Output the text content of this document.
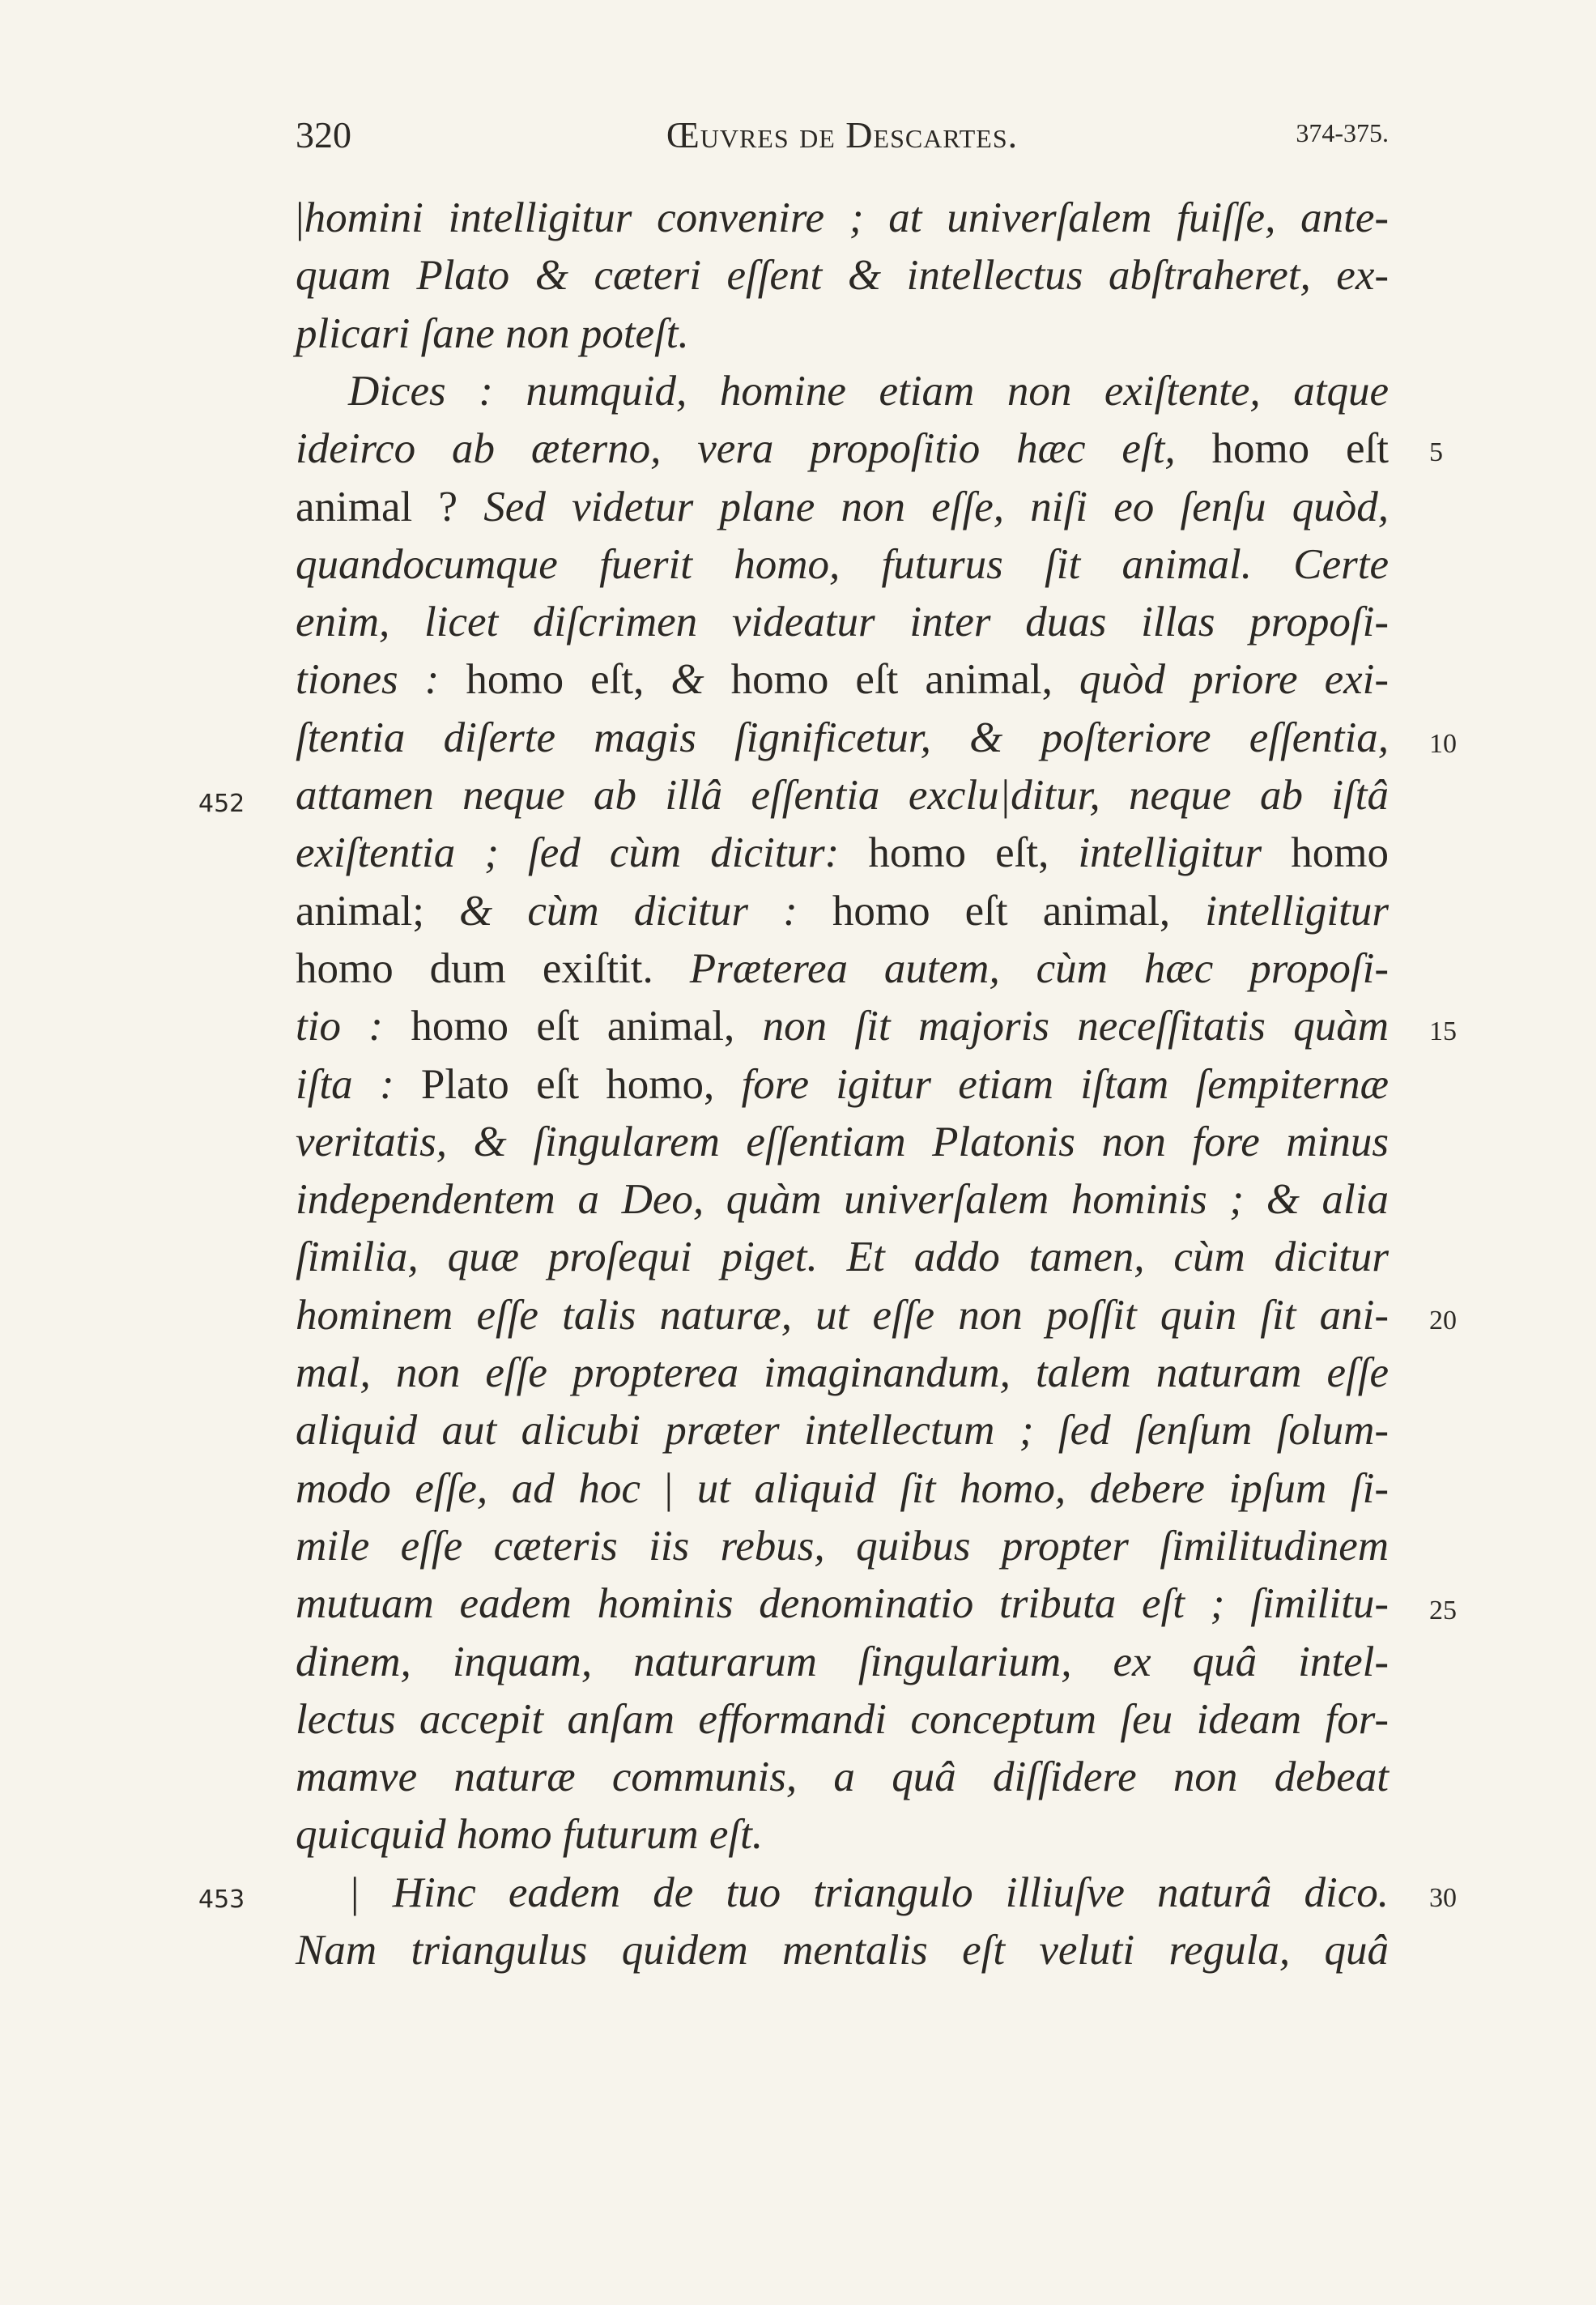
320	Œuvres de Descartes.	374-375.
|homini intelligitur convenire ; at univerſalem fuiſſe, ante-
quam Plato & cæteri eſſent & intellectus abſtraheret, ex-
plicari ſane non poteſt.
Dices : numquid, homine etiam non exiſtente, atque
ideirco ab æterno, vera propoſitio hæc eſt, homo eſt
animal ? Sed videtur plane non eſſe, niſi eo ſenſu quòd,
quandocumque fuerit homo, futurus ſit animal. Certe
enim, licet diſcrimen videatur inter duas illas propoſi-
tiones : homo eſt, & homo eſt animal, quòd priore exi-
ſtentia diſerte magis ſignificetur, & poſteriore eſſentia,
attamen neque ab illâ eſſentia exclu|ditur, neque ab iſtâ
exiſtentia ; ſed cùm dicitur: homo eſt, intelligitur homo
animal; & cùm dicitur : homo eſt animal, intelligitur
homo dum exiſtit. Præterea autem, cùm hæc propoſi-
tio : homo eſt animal, non ſit majoris neceſſitatis quàm
iſta : Plato eſt homo, fore igitur etiam iſtam ſempiternæ
veritatis, & ſingularem eſſentiam Platonis non fore minus
independentem a Deo, quàm univerſalem hominis ; & alia
ſimilia, quæ proſequi piget. Et addo tamen, cùm dicitur
hominem eſſe talis naturæ, ut eſſe non poſſit quin ſit ani-
mal, non eſſe propterea imaginandum, talem naturam eſſe
aliquid aut alicubi præter intellectum ; ſed ſenſum ſolum-
modo eſſe, ad hoc | ut aliquid ſit homo, debere ipſum ſi-
mile eſſe cæteris iis rebus, quibus propter ſimilitudinem
mutuam eadem hominis denominatio tributa eſt ; ſimilitu-
dinem, inquam, naturarum ſingularium, ex quâ intel-
lectus accepit anſam efformandi conceptum ſeu ideam for-
mamve naturæ communis, a quâ diſſidere non debeat
quicquid homo futurum eſt.
| Hinc eadem de tuo triangulo illiuſve naturâ dico.
Nam triangulus quidem mentalis eſt veluti regula, quâ
5
10
15
20
25
30
452
453
